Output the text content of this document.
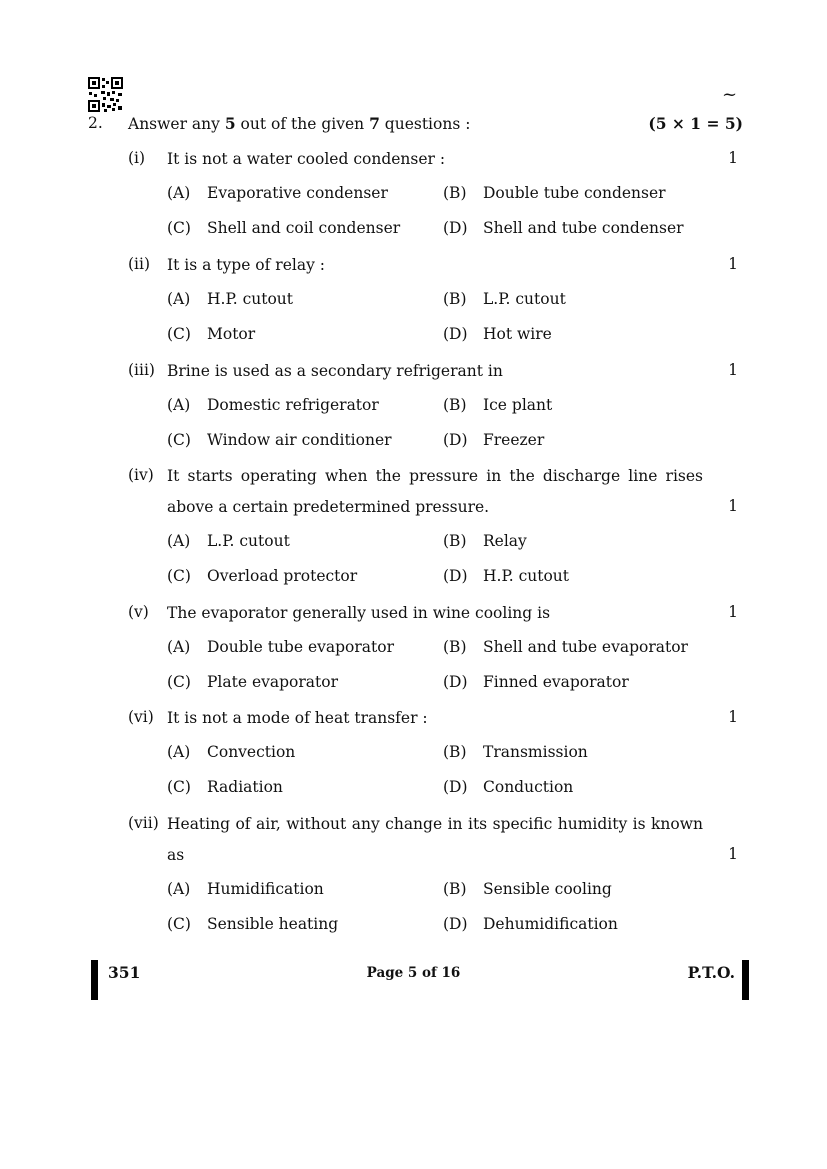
~
2. Answer any 5 out of the given 7 questions :	(5 × 1 = 5)
(i) It is not a water cooled condenser :	1
(A) Evaporative condenser	(B) Double tube condenser
(C) Shell and coil condenser	(D) Shell and tube condenser
(ii) It is a type of relay :	1
(A) H.P. cutout	(B) L.P. cutout
(C) Motor	(D) Hot wire
(iii) Brine is used as a secondary refrigerant in	1
(A) Domestic refrigerator	(B) Ice plant
(C) Window air conditioner	(D) Freezer
(iv) It starts operating when the pressure in the discharge line rises above a certain predetermined pressure.	1
(A) L.P. cutout	(B) Relay
(C) Overload protector	(D) H.P. cutout
(v) The evaporator generally used in wine cooling is	1
(A) Double tube evaporator	(B) Shell and tube evaporator
(C) Plate evaporator	(D) Finned evaporator
(vi) It is not a mode of heat transfer :	1
(A) Convection	(B) Transmission
(C) Radiation	(D) Conduction
(vii) Heating of air, without any change in its specific humidity is known as	1
(A) Humidification	(B) Sensible cooling
(C) Sensible heating	(D) Dehumidification
351	Page 5 of 16	P.T.O.
